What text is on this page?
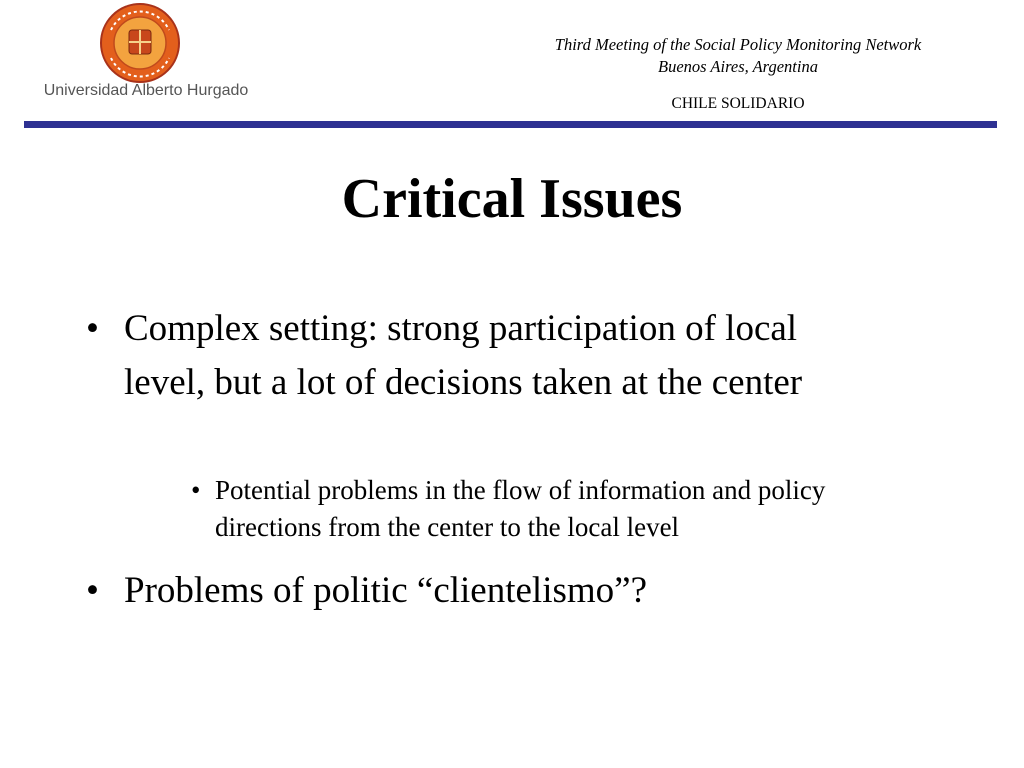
Universidad Alberto Hurgado
Third Meeting of the Social Policy Monitoring Network
Buenos Aires, Argentina
CHILE SOLIDARIO
Critical Issues
• Complex setting: strong participation of local level, but a lot of decisions taken at the center
• Potential problems in the flow of information and policy directions from the center to the local level
• Problems of politic “clientelismo”?
